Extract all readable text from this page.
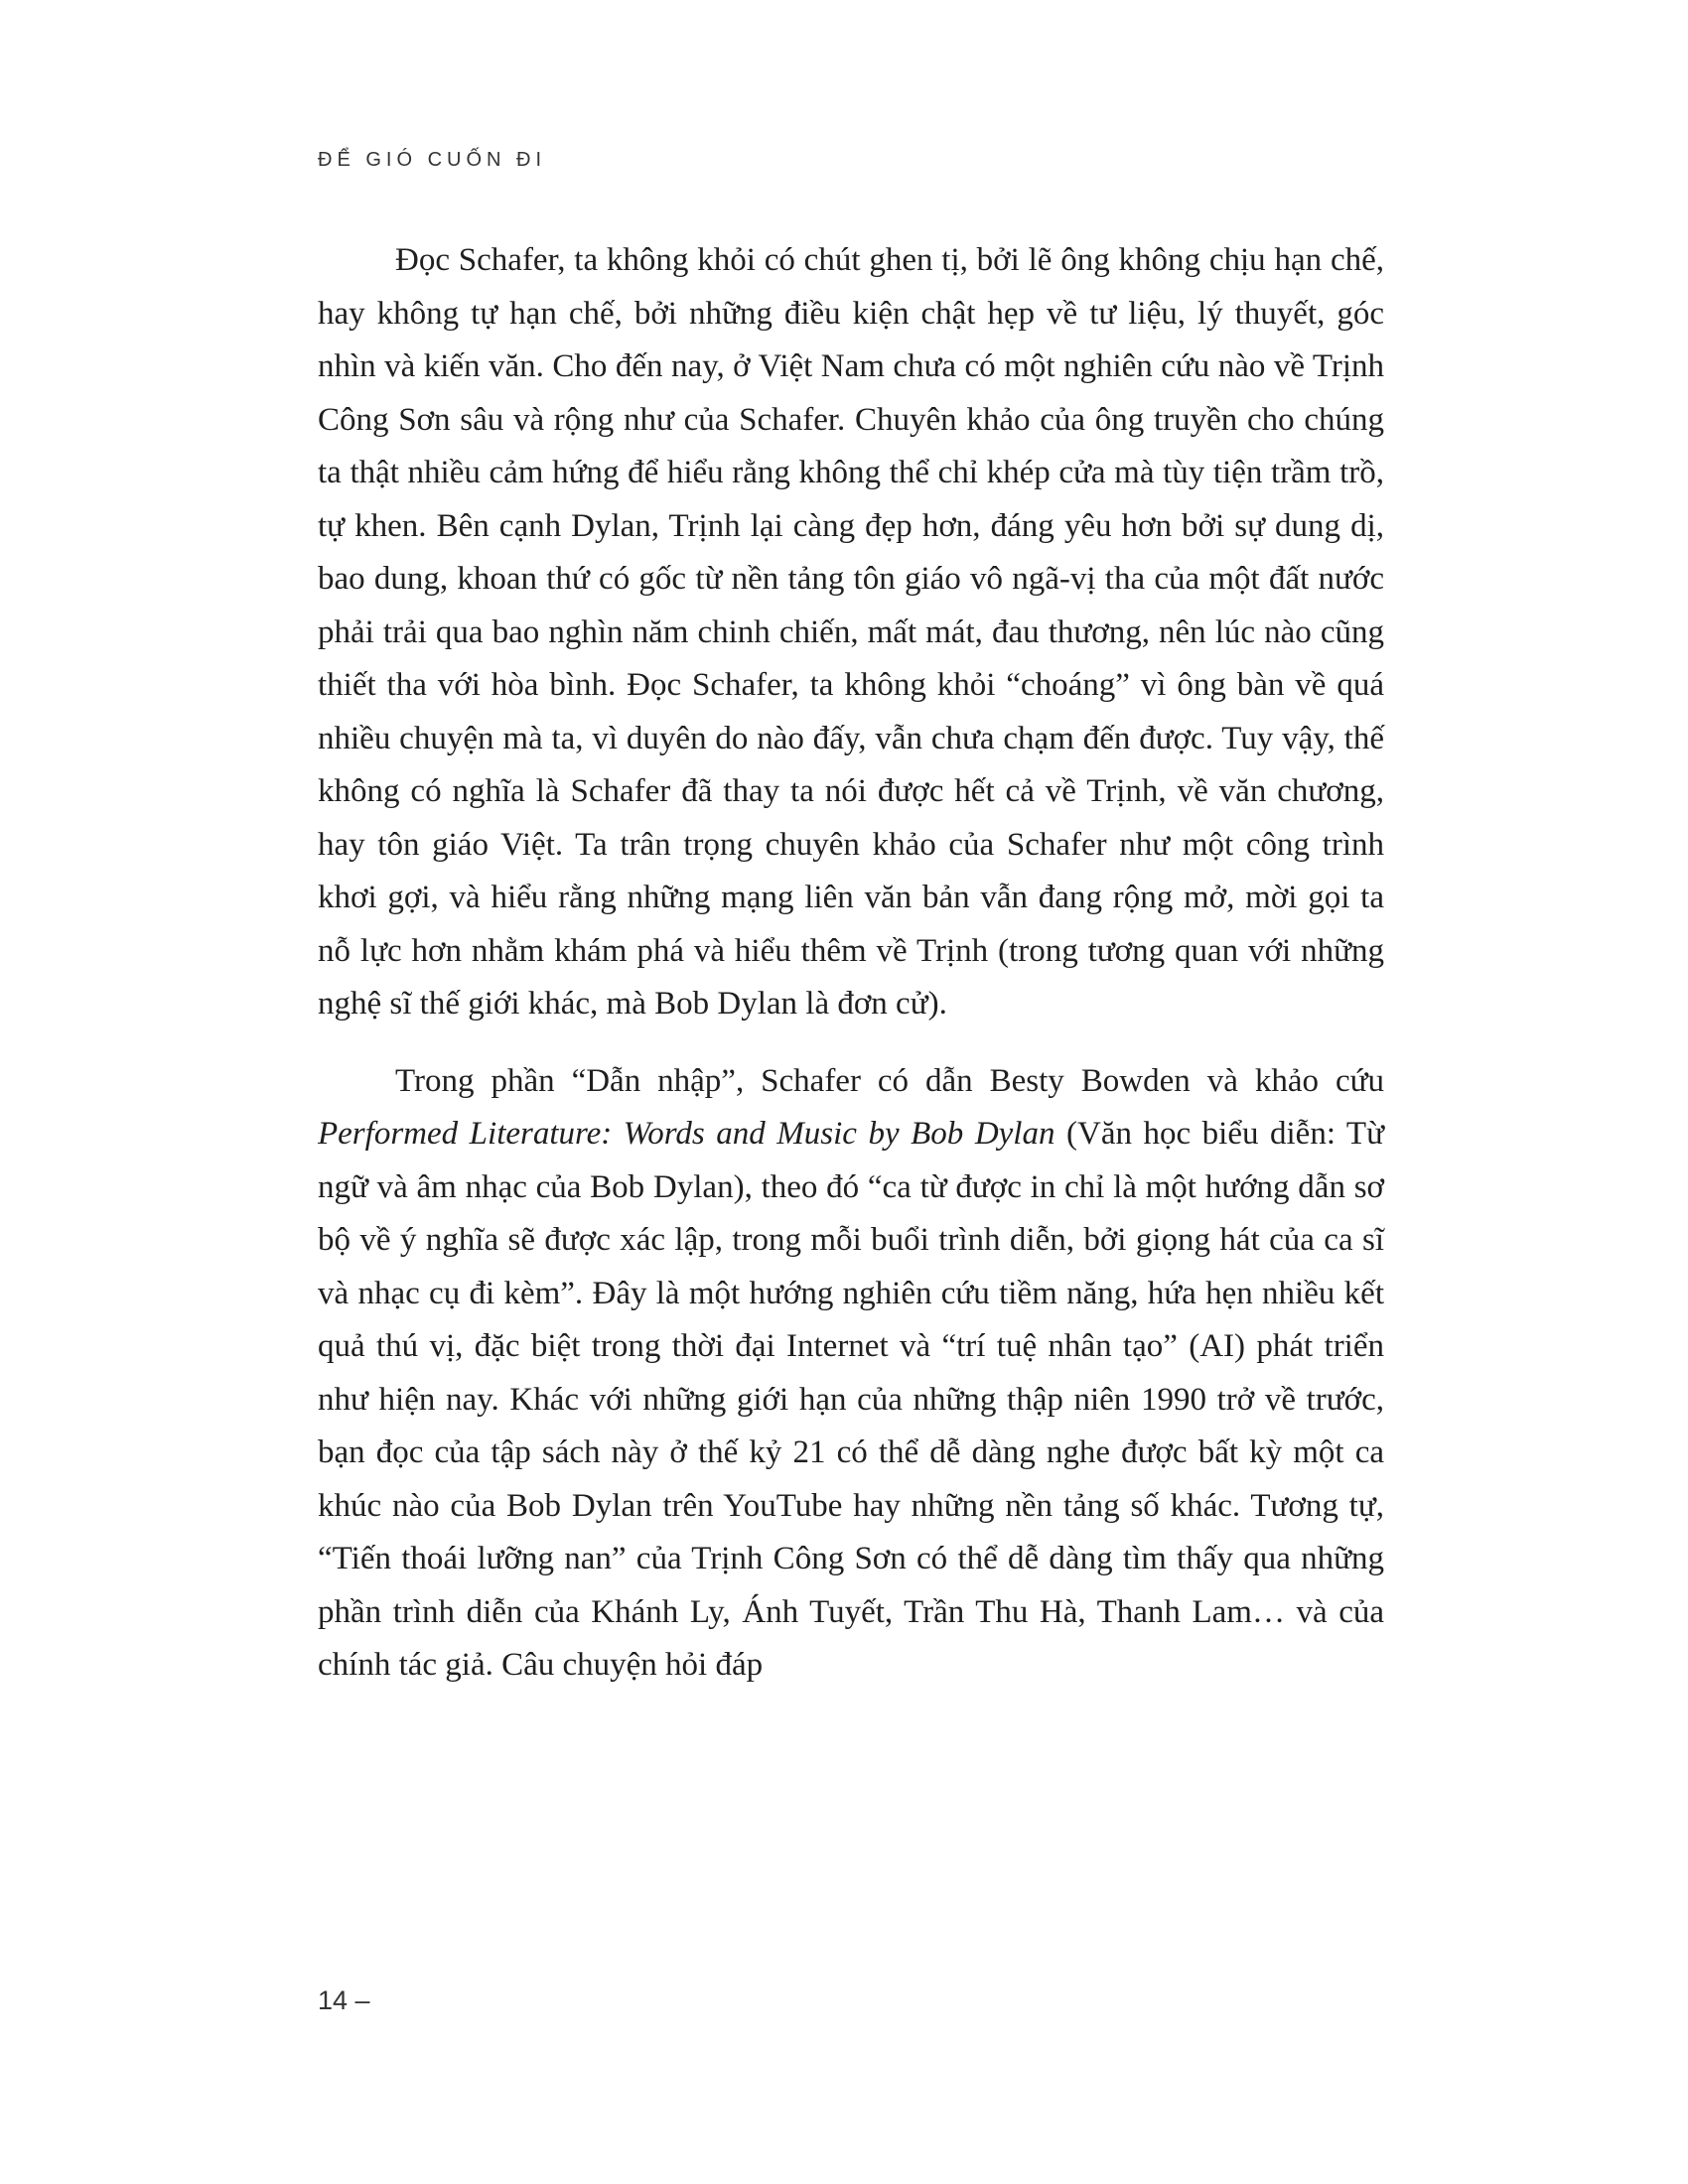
ĐỂ GIÓ CUỐN ĐI

Đọc Schafer, ta không khỏi có chút ghen tị, bởi lẽ ông không chịu hạn chế, hay không tự hạn chế, bởi những điều kiện chật hẹp về tư liệu, lý thuyết, góc nhìn và kiến văn. Cho đến nay, ở Việt Nam chưa có một nghiên cứu nào về Trịnh Công Sơn sâu và rộng như của Schafer. Chuyên khảo của ông truyền cho chúng ta thật nhiều cảm hứng để hiểu rằng không thể chỉ khép cửa mà tùy tiện trầm trồ, tự khen. Bên cạnh Dylan, Trịnh lại càng đẹp hơn, đáng yêu hơn bởi sự dung dị, bao dung, khoan thứ có gốc từ nền tảng tôn giáo vô ngã-vị tha của một đất nước phải trải qua bao nghìn năm chinh chiến, mất mát, đau thương, nên lúc nào cũng thiết tha với hòa bình. Đọc Schafer, ta không khỏi “choáng” vì ông bàn về quá nhiều chuyện mà ta, vì duyên do nào đấy, vẫn chưa chạm đến được. Tuy vậy, thế không có nghĩa là Schafer đã thay ta nói được hết cả về Trịnh, về văn chương, hay tôn giáo Việt. Ta trân trọng chuyên khảo của Schafer như một công trình khơi gợi, và hiểu rằng những mạng liên văn bản vẫn đang rộng mở, mời gọi ta nỗ lực hơn nhằm khám phá và hiểu thêm về Trịnh (trong tương quan với những nghệ sĩ thế giới khác, mà Bob Dylan là đơn cử).

Trong phần “Dẫn nhập”, Schafer có dẫn Besty Bowden và khảo cứu Performed Literature: Words and Music by Bob Dylan (Văn học biểu diễn: Từ ngữ và âm nhạc của Bob Dylan), theo đó “ca từ được in chỉ là một hướng dẫn sơ bộ về ý nghĩa sẽ được xác lập, trong mỗi buổi trình diễn, bởi giọng hát của ca sĩ và nhạc cụ đi kèm”. Đây là một hướng nghiên cứu tiềm năng, hứa hẹn nhiều kết quả thú vị, đặc biệt trong thời đại Internet và “trí tuệ nhân tạo” (AI) phát triển như hiện nay. Khác với những giới hạn của những thập niên 1990 trở về trước, bạn đọc của tập sách này ở thế kỷ 21 có thể dễ dàng nghe được bất kỳ một ca khúc nào của Bob Dylan trên YouTube hay những nền tảng số khác. Tương tự, “Tiến thoái lưỡng nan” của Trịnh Công Sơn có thể dễ dàng tìm thấy qua những phần trình diễn của Khánh Ly, Ánh Tuyết, Trần Thu Hà, Thanh Lam… và của chính tác giả. Câu chuyện hỏi đáp

14 –
